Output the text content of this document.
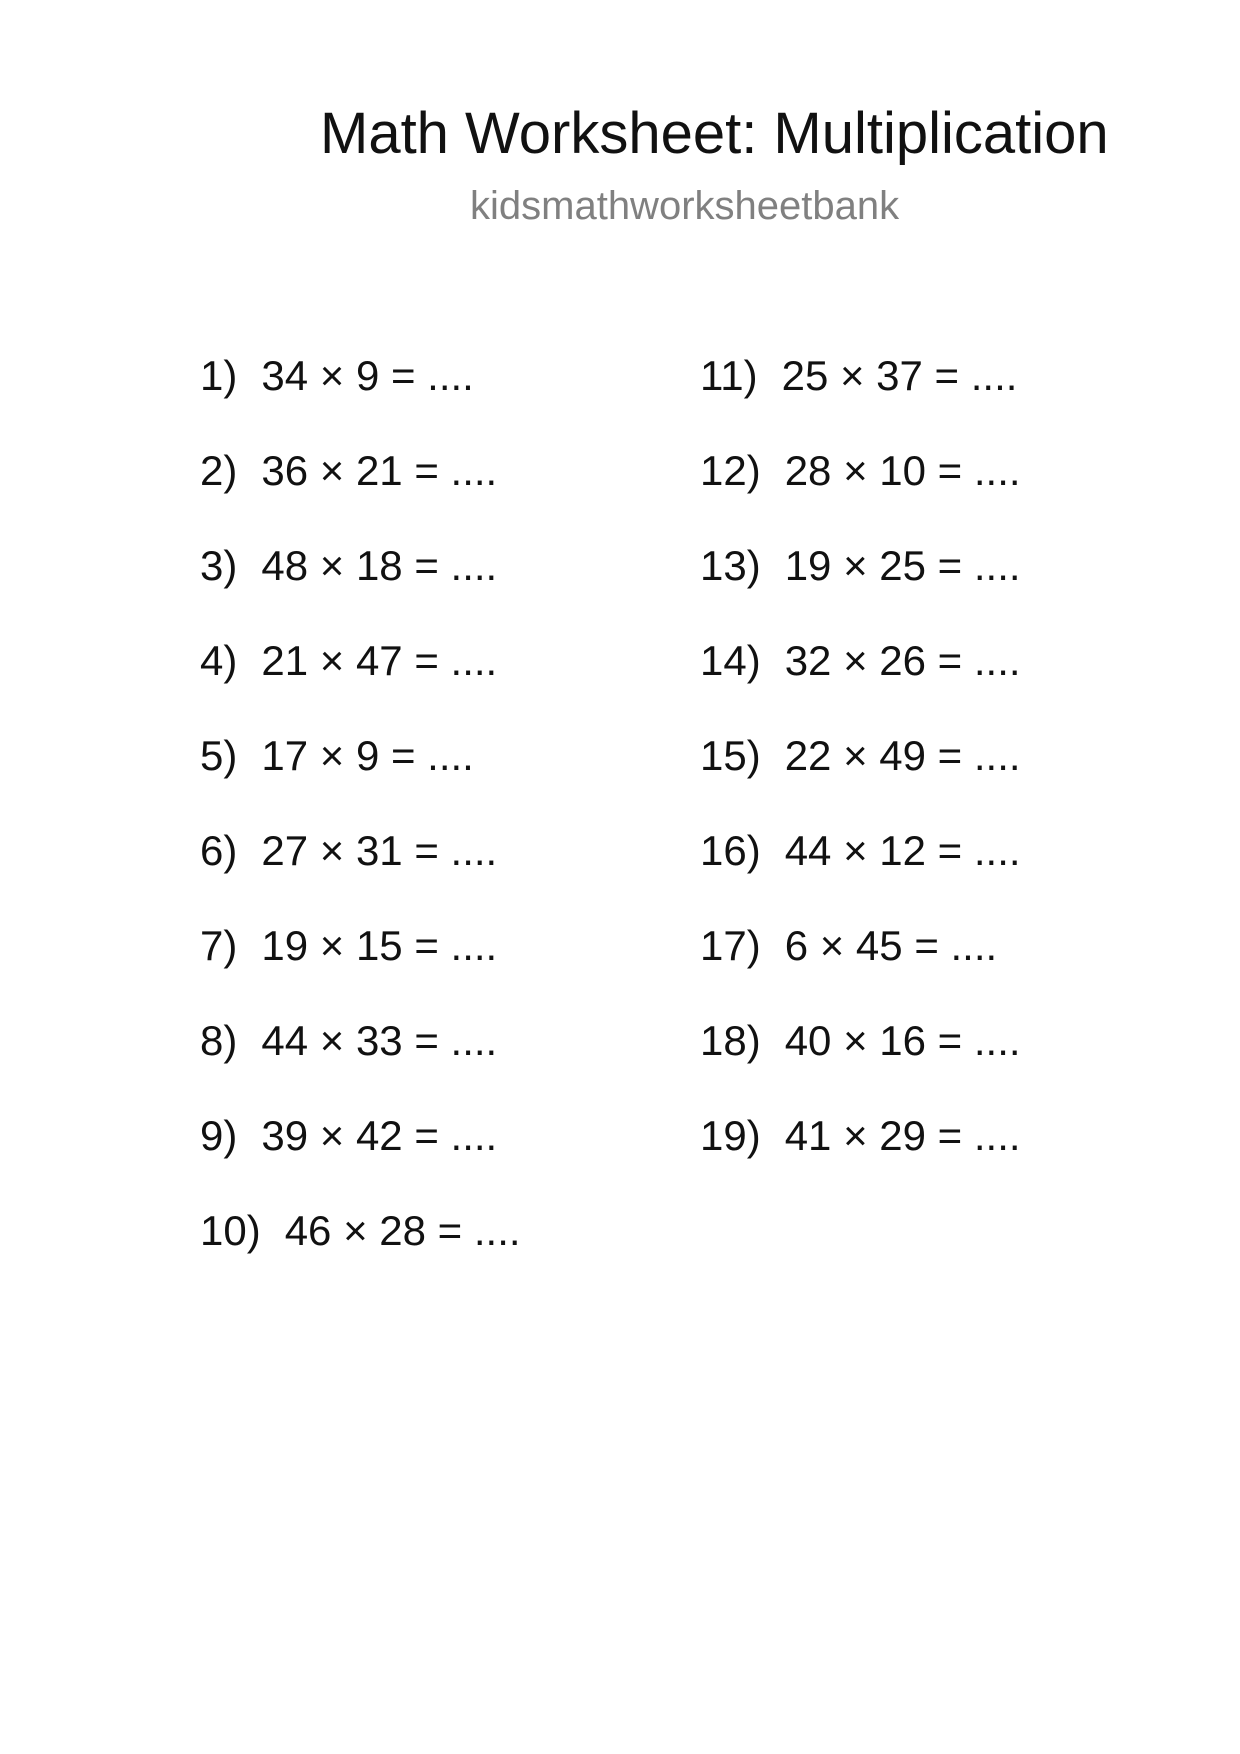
Math Worksheet: Multiplication
kidsmathworksheetbank
1) 34 × 9 = ....
2) 36 × 21 = ....
3) 48 × 18 = ....
4) 21 × 47 = ....
5) 17 × 9 = ....
6) 27 × 31 = ....
7) 19 × 15 = ....
8) 44 × 33 = ....
9) 39 × 42 = ....
10) 46 × 28 = ....
11) 25 × 37 = ....
12) 28 × 10 = ....
13) 19 × 25 = ....
14) 32 × 26 = ....
15) 22 × 49 = ....
16) 44 × 12 = ....
17) 6 × 45 = ....
18) 40 × 16 = ....
19) 41 × 29 = ....
